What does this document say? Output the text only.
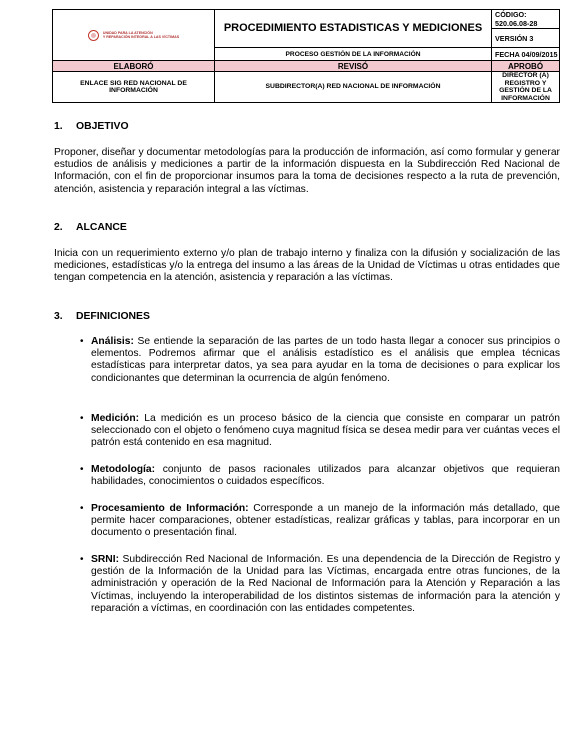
UNIDAD PARA LA ATENCIÓN
Y REPARACIÓN INTEGRAL A LAS VÍCTIMAS	PROCEDIMIENTO ESTADISTICAS Y MEDICIONES	CÓDIGO: 520.06.08-28
		VERSIÓN 3
	PROCESO GESTIÓN DE LA INFORMACIÓN	FECHA 04/09/2015
ELABORÓ	REVISÓ	APROBÓ
ENLACE SIG RED NACIONAL DE INFORMACIÓN	SUBDIRECTOR(A) RED NACIONAL DE INFORMACIÓN	DIRECTOR (A) REGISTRO Y GESTIÓN DE LA INFORMACIÓN
1. OBJETIVO
Proponer, diseñar y documentar metodologías para la producción de información, así como formular y generar estudios de análisis y mediciones a partir de la información dispuesta en la Subdirección Red Nacional de Información, con el fin de proporcionar insumos para la toma de decisiones respecto a la ruta de prevención, atención, asistencia y reparación integral a las víctimas.
2. ALCANCE
Inicia con un requerimiento externo y/o plan de trabajo interno y finaliza con la difusión y socialización de las mediciones, estadísticas y/o la entrega del insumo a las áreas de la Unidad de Víctimas u otras entidades que tengan competencia en la atención, asistencia y reparación a las víctimas.
3. DEFINICIONES
• Análisis: Se entiende la separación de las partes de un todo hasta llegar a conocer sus principios o elementos. Podremos afirmar que el análisis estadístico es el análisis que emplea técnicas estadísticas para interpretar datos, ya sea para ayudar en la toma de decisiones o para explicar los condicionantes que determinan la ocurrencia de algún fenómeno.
• Medición: La medición es un proceso básico de la ciencia que consiste en comparar un patrón seleccionado con el objeto o fenómeno cuya magnitud física se desea medir para ver cuántas veces el patrón está contenido en esa magnitud.
• Metodología: conjunto de pasos racionales utilizados para alcanzar objetivos que requieran habilidades, conocimientos o cuidados específicos.
• Procesamiento de Información: Corresponde a un manejo de la información más detallado, que permite hacer comparaciones, obtener estadísticas, realizar gráficas y tablas, para incorporar en un documento o presentación final.
• SRNI: Subdirección Red Nacional de Información. Es una dependencia de la Dirección de Registro y gestión de la Información de la Unidad para las Víctimas, encargada entre otras funciones, de la administración y operación de la Red Nacional de Información para la Atención y Reparación a las Víctimas, incluyendo la interoperabilidad de los distintos sistemas de información para la atención y reparación a víctimas, en coordinación con las entidades competentes.
